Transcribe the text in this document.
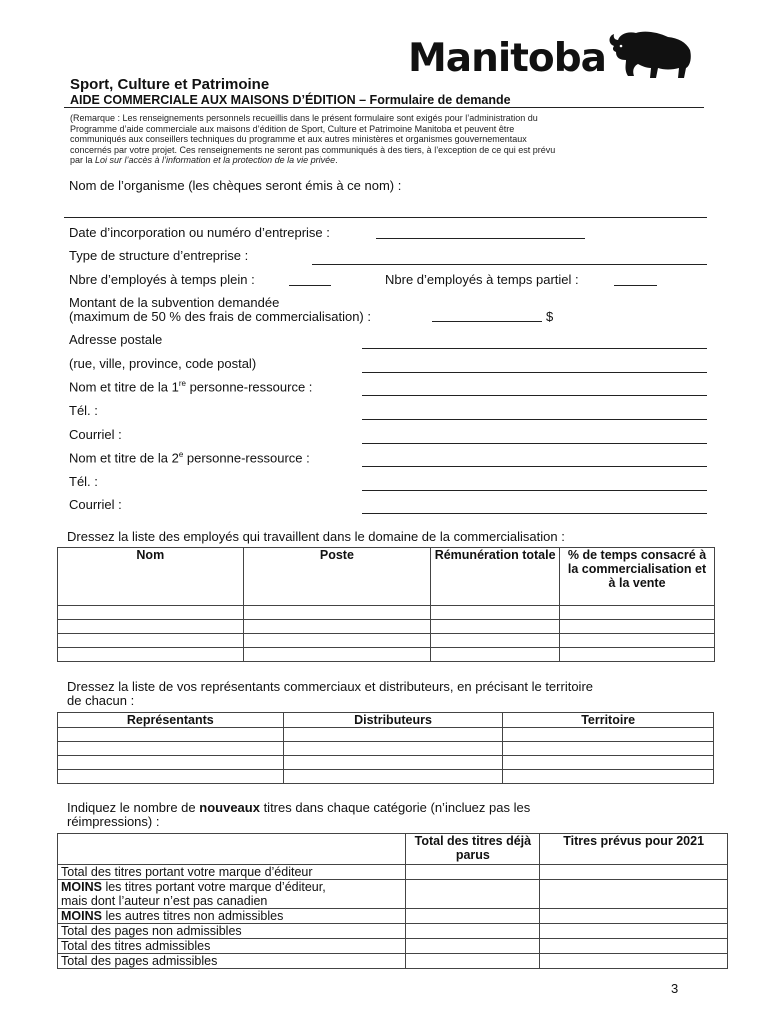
Manitoba
Sport, Culture et Patrimoine
AIDE COMMERCIALE AUX MAISONS D’ÉDITION – Formulaire de demande
(Remarque : Les renseignements personnels recueillis dans le présent formulaire sont exigés pour l’administration du
Programme d’aide commerciale aux maisons d’édition de Sport, Culture et Patrimoine Manitoba et peuvent être
communiqués aux conseillers techniques du programme et aux autres ministères et organismes gouvernementaux
concernés par votre projet. Ces renseignements ne seront pas communiqués à des tiers, à l’exception de ce qui est prévu
par la Loi sur l’accès à l’information et la protection de la vie privée.
Nom de l’organisme (les chèques seront émis à ce nom) :
Date d’incorporation ou numéro d’entreprise :
Type de structure d’entreprise :
Nbre d’employés à temps plein :	Nbre d’employés à temps partiel :
Montant de la subvention demandée
(maximum de 50 % des frais de commercialisation) :	$
Adresse postale
(rue, ville, province, code postal)
Nom et titre de la 1re personne-ressource :
Tél. :
Courriel :
Nom et titre de la 2e personne-ressource :
Tél. :
Courriel :
Dressez la liste des employés qui travaillent dans le domaine de la commercialisation :
Nom	Poste	Rémunération totale	% de temps consacré à la commercialisation et à la vente

Dressez la liste de vos représentants commerciaux et distributeurs, en précisant le territoire
de chacun :
Représentants	Distributeurs	Territoire

Indiquez le nombre de nouveaux titres dans chaque catégorie (n’incluez pas les
réimpressions) :
	Total des titres déjà parus	Titres prévus pour 2021
Total des titres portant votre marque d’éditeur		
MOINS les titres portant votre marque d’éditeur,
mais dont l’auteur n’est pas canadien		
MOINS les autres titres non admissibles		
Total des pages non admissibles		
Total des titres admissibles		
Total des pages admissibles		
3
